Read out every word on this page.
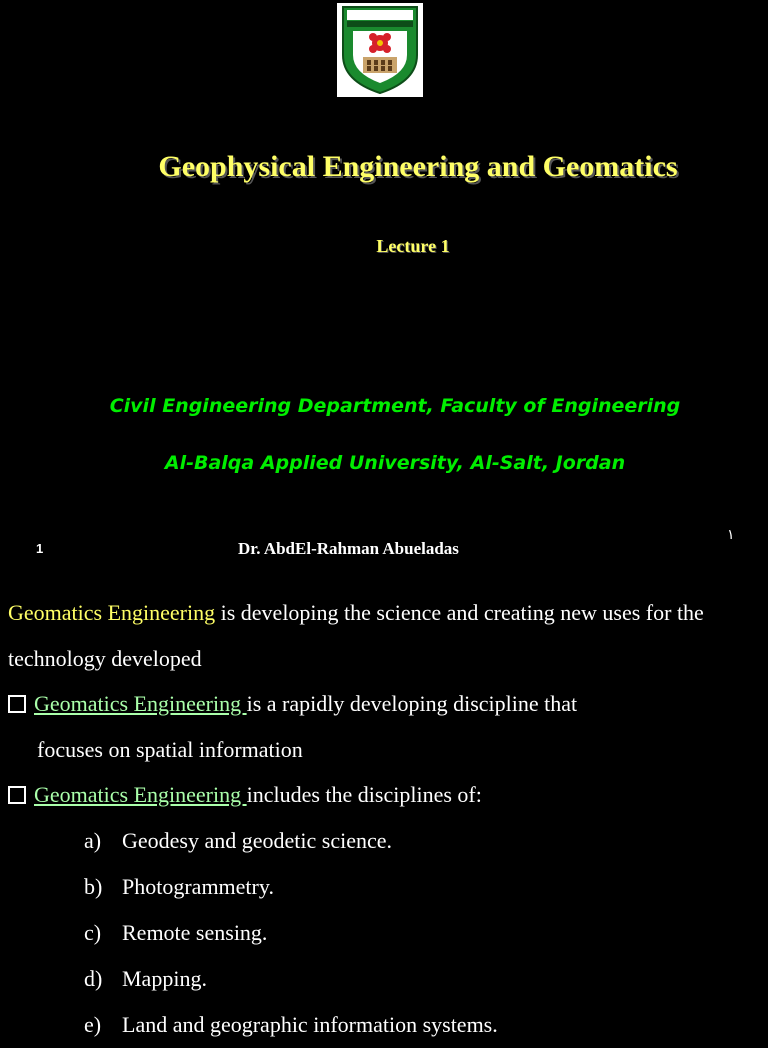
Geophysical Engineering and Geomatics
Lecture 1
Civil Engineering Department, Faculty of Engineering
Al-Balqa Applied University, Al-Salt, Jordan
1	Dr. AbdEl-Rahman Abueladas
١
Geomatics Engineering is developing the science and creating new uses for the technology developed
Geomatics Engineering is a rapidly developing discipline that
focuses on spatial information
Geomatics Engineering includes the disciplines of:
a) Geodesy and geodetic science.
b) Photogrammetry.
c) Remote sensing.
d) Mapping.
e) Land and geographic information systems.
